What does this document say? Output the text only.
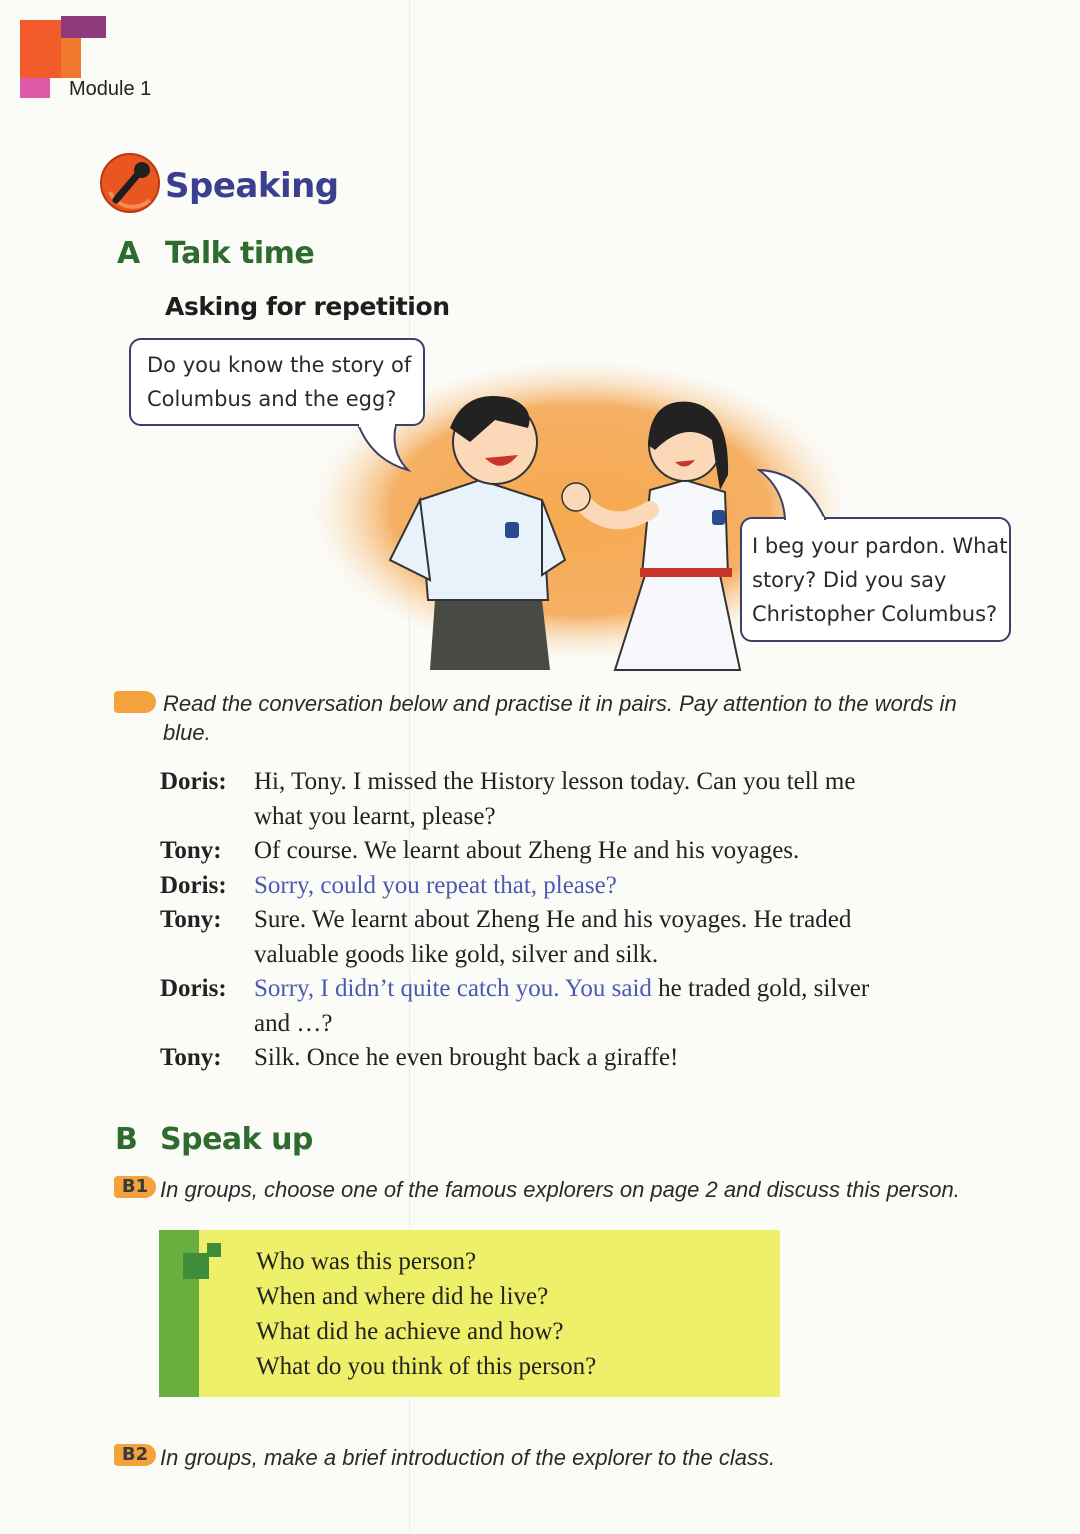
Module 1
Speaking
A Talk time
Asking for repetition
Do you know the story of
Columbus and the egg?
I beg your pardon. What
story? Did you say
Christopher Columbus?
Read the conversation below and practise it in pairs. Pay attention to the words in
blue.
Doris:	Hi, Tony. I missed the History lesson today. Can you tell me
what you learnt, please?
Tony:	Of course. We learnt about Zheng He and his voyages.
Doris:	Sorry, could you repeat that, please?
Tony:	Sure. We learnt about Zheng He and his voyages. He traded
valuable goods like gold, silver and silk.
Doris:	Sorry, I didn’t quite catch you. You said he traded gold, silver
and …?
Tony:	Silk. Once he even brought back a giraffe!
B Speak up
B1 In groups, choose one of the famous explorers on page 2 and discuss this person.
Who was this person?
When and where did he live?
What did he achieve and how?
What do you think of this person?
B2 In groups, make a brief introduction of the explorer to the class.
